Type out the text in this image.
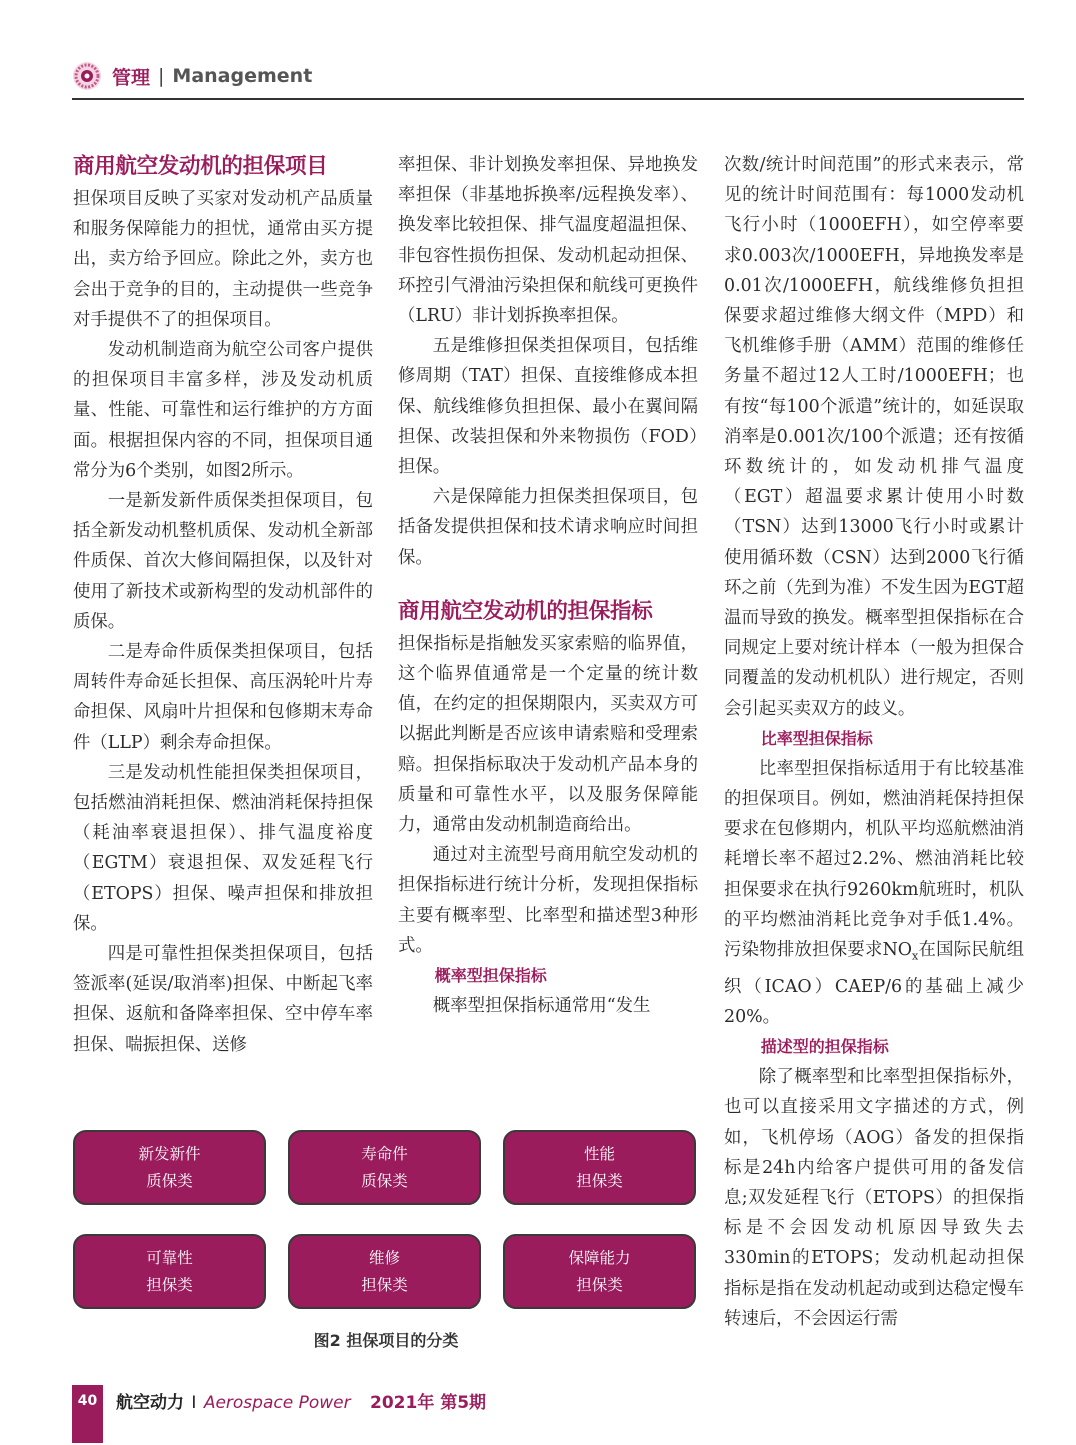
管理 | Management
商用航空发动机的担保项目

担保项目反映了买家对发动机产品质量和服务保障能力的担忧，通常由买方提出，卖方给予回应。除此之外，卖方也会出于竞争的目的，主动提供一些竞争对手提供不了的担保项目。

发动机制造商为航空公司客户提供的担保项目丰富多样，涉及发动机质量、性能、可靠性和运行维护的方方面面。根据担保内容的不同，担保项目通常分为6个类别，如图2所示。

一是新发新件质保类担保项目，包括全新发动机整机质保、发动机全新部件质保、首次大修间隔担保，以及针对使用了新技术或新构型的发动机部件的质保。

二是寿命件质保类担保项目，包括周转件寿命延长担保、高压涡轮叶片寿命担保、风扇叶片担保和包修期末寿命件（LLP）剩余寿命担保。

三是发动机性能担保类担保项目，包括燃油消耗担保、燃油消耗保持担保（耗油率衰退担保）、排气温度裕度（EGTM）衰退担保、双发延程飞行（ETOPS）担保、噪声担保和排放担保。

四是可靠性担保类担保项目，包括签派率(延误/取消率)担保、中断起飞率担保、返航和备降率担保、空中停车率担保、喘振担保、送修

率担保、非计划换发率担保、异地换发率担保（非基地拆换率/远程换发率）、换发率比较担保、排气温度超温担保、非包容性损伤担保、发动机起动担保、环控引气滑油污染担保和航线可更换件（LRU）非计划拆换率担保。

五是维修担保类担保项目，包括维修周期（TAT）担保、直接维修成本担保、航线维修负担担保、最小在翼间隔担保、改装担保和外来物损伤（FOD）担保。

六是保障能力担保类担保项目，包括备发提供担保和技术请求响应时间担保。

商用航空发动机的担保指标

担保指标是指触发买家索赔的临界值，这个临界值通常是一个定量的统计数值，在约定的担保期限内，买卖双方可以据此判断是否应该申请索赔和受理索赔。担保指标取决于发动机产品本身的质量和可靠性水平，以及服务保障能力，通常由发动机制造商给出。

通过对主流型号商用航空发动机的担保指标进行统计分析，发现担保指标主要有概率型、比率型和描述型3种形式。

概率型担保指标

概率型担保指标通常用“发生

次数/统计时间范围”的形式来表示，常见的统计时间范围有：每1000发动机飞行小时（1000EFH），如空停率要求0.003次/1000EFH，异地换发率是0.01次/1000EFH，航线维修负担担保要求超过维修大纲文件（MPD）和飞机维修手册（AMM）范围的维修任务量不超过12人工时/1000EFH；也有按“每100个派遣”统计的，如延误取消率是0.001次/100个派遣；还有按循环数统计的，如发动机排气温度（EGT）超温要求累计使用小时数（TSN）达到13000飞行小时或累计使用循环数（CSN）达到2000飞行循环之前（先到为准）不发生因为EGT超温而导致的换发。概率型担保指标在合同规定上要对统计样本（一般为担保合同覆盖的发动机机队）进行规定，否则会引起买卖双方的歧义。

比率型担保指标

比率型担保指标适用于有比较基准的担保项目。例如，燃油消耗保持担保要求在包修期内，机队平均巡航燃油消耗增长率不超过2.2%、燃油消耗比较担保要求在执行9260km航班时，机队的平均燃油消耗比竞争对手低1.4%。污染物排放担保要求$NO_x$在国际民航组织（ICAO）CAEP/6的基础上减少20%。

描述型的担保指标

除了概率型和比率型担保指标外，也可以直接采用文字描述的方式，例如，飞机停场（AOG）备发的担保指标是24h内给客户提供可用的备发信息;双发延程飞行（ETOPS）的担保指标是不会因发动机原因导致失去330min的ETOPS；发动机起动担保指标是指在发动机起动或到达稳定慢车转速后，不会因运行需

新发新件
质保类
寿命件
质保类
性能
担保类
可靠性
担保类
维修
担保类
保障能力
担保类
图2 担保项目的分类
40	航空动力 I Aerospace Power 2021年 第5期
